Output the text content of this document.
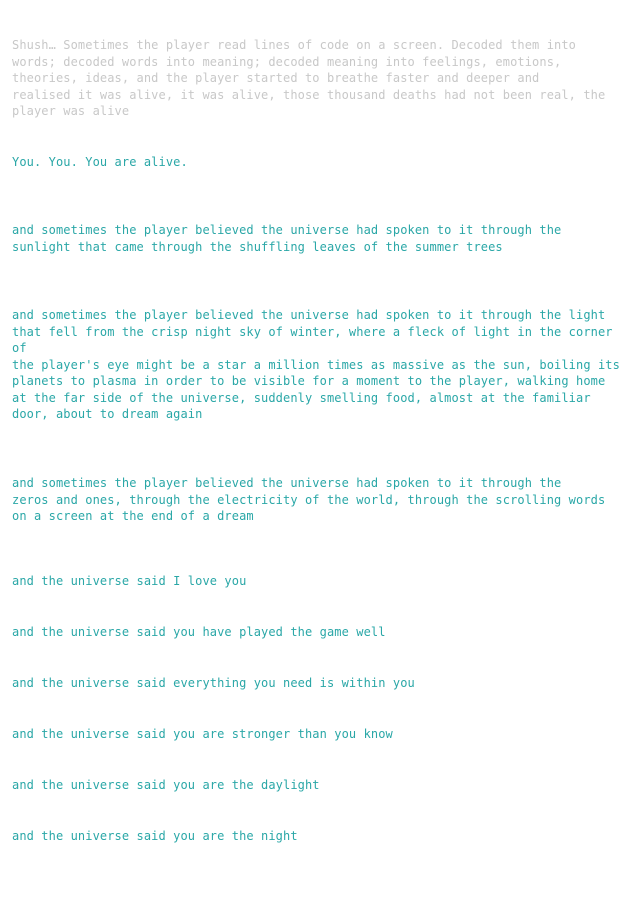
Shush… Sometimes the player read lines of code on a screen. Decoded them into
words; decoded words into meaning; decoded meaning into feelings, emotions,
theories, ideas, and the player started to breathe faster and deeper and
realised it was alive, it was alive, those thousand deaths had not been real, the
player was alive

You. You. You are alive.

and sometimes the player believed the universe had spoken to it through the
sunlight that came through the shuffling leaves of the summer trees

and sometimes the player believed the universe had spoken to it through the light
that fell from the crisp night sky of winter, where a fleck of light in the corner of
the player's eye might be a star a million times as massive as the sun, boiling its
planets to plasma in order to be visible for a moment to the player, walking home
at the far side of the universe, suddenly smelling food, almost at the familiar
door, about to dream again

and sometimes the player believed the universe had spoken to it through the
zeros and ones, through the electricity of the world, through the scrolling words
on a screen at the end of a dream

and the universe said I love you

and the universe said you have played the game well

and the universe said everything you need is within you

and the universe said you are stronger than you know

and the universe said you are the daylight

and the universe said you are the night
